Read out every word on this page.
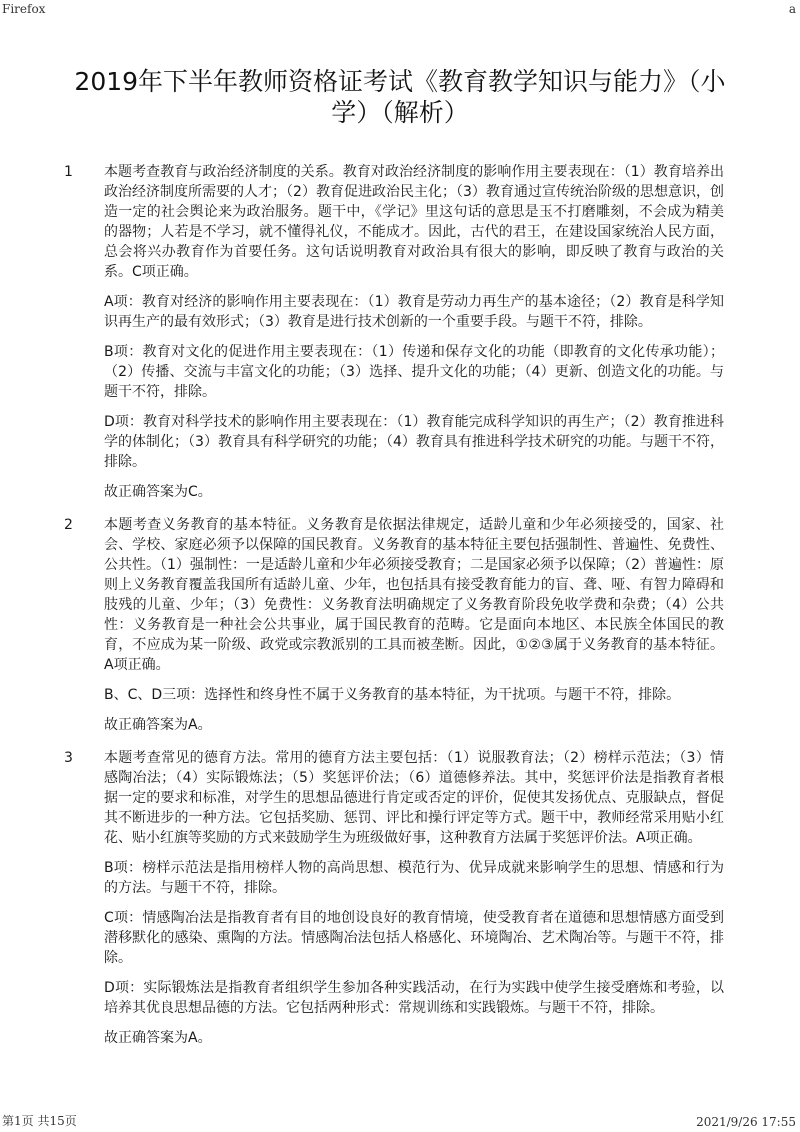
Firefox	a
2019年下半年教师资格证考试《教育教学知识与能力》（小学）（解析）
1	本题考查教育与政治经济制度的关系。教育对政治经济制度的影响作用主要表现在：（1）教育培养出政治经济制度所需要的人才；（2）教育促进政治民主化；（3）教育通过宣传统治阶级的思想意识，创造一定的社会舆论来为政治服务。题干中，《学记》里这句话的意思是玉不打磨雕刻，不会成为精美的器物；人若是不学习，就不懂得礼仪，不能成才。因此，古代的君王，在建设国家统治人民方面，总会将兴办教育作为首要任务。这句话说明教育对政治具有很大的影响，即反映了教育与政治的关系。C项正确。

A项：教育对经济的影响作用主要表现在：（1）教育是劳动力再生产的基本途径；（2）教育是科学知识再生产的最有效形式；（3）教育是进行技术创新的一个重要手段。与题干不符，排除。

B项：教育对文化的促进作用主要表现在：（1）传递和保存文化的功能（即教育的文化传承功能）；（2）传播、交流与丰富文化的功能；（3）选择、提升文化的功能；（4）更新、创造文化的功能。与题干不符，排除。

D项：教育对科学技术的影响作用主要表现在：（1）教育能完成科学知识的再生产；（2）教育推进科学的体制化；（3）教育具有科学研究的功能；（4）教育具有推进科学技术研究的功能。与题干不符，排除。

故正确答案为C。

2	本题考查义务教育的基本特征。义务教育是依据法律规定，适龄儿童和少年必须接受的，国家、社会、学校、家庭必须予以保障的国民教育。义务教育的基本特征主要包括强制性、普遍性、免费性、公共性。（1）强制性：一是适龄儿童和少年必须接受教育；二是国家必须予以保障；（2）普遍性：原则上义务教育覆盖我国所有适龄儿童、少年，也包括具有接受教育能力的盲、聋、哑、有智力障碍和肢残的儿童、少年；（3）免费性：义务教育法明确规定了义务教育阶段免收学费和杂费；（4）公共性：义务教育是一种社会公共事业，属于国民教育的范畴。它是面向本地区、本民族全体国民的教育，不应成为某一阶级、政党或宗教派别的工具而被垄断。因此，①②③属于义务教育的基本特征。A项正确。

B、C、D三项：选择性和终身性不属于义务教育的基本特征，为干扰项。与题干不符，排除。

故正确答案为A。

3	本题考查常见的德育方法。常用的德育方法主要包括：（1）说服教育法；（2）榜样示范法；（3）情感陶冶法；（4）实际锻炼法；（5）奖惩评价法；（6）道德修养法。其中，奖惩评价法是指教育者根据一定的要求和标准，对学生的思想品德进行肯定或否定的评价，促使其发扬优点、克服缺点，督促其不断进步的一种方法。它包括奖励、惩罚、评比和操行评定等方式。题干中，教师经常采用贴小红花、贴小红旗等奖励的方式来鼓励学生为班级做好事，这种教育方法属于奖惩评价法。A项正确。

B项：榜样示范法是指用榜样人物的高尚思想、模范行为、优异成就来影响学生的思想、情感和行为的方法。与题干不符，排除。

C项：情感陶冶法是指教育者有目的地创设良好的教育情境，使受教育者在道德和思想情感方面受到潜移默化的感染、熏陶的方法。情感陶冶法包括人格感化、环境陶冶、艺术陶冶等。与题干不符，排除。

D项：实际锻炼法是指教育者组织学生参加各种实践活动，在行为实践中使学生接受磨炼和考验，以培养其优良思想品德的方法。它包括两种形式：常规训练和实践锻炼。与题干不符，排除。

故正确答案为A。

第1页 共15页	2021/9/26 17:55
